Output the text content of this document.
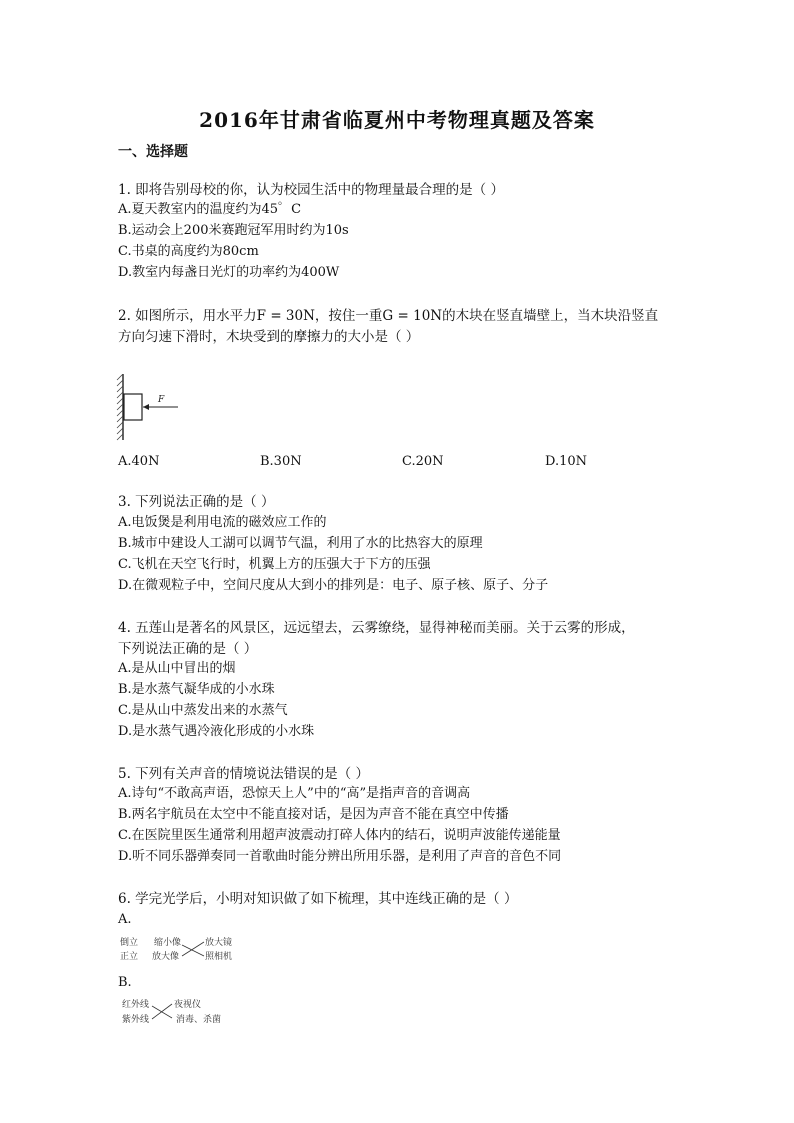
2016年甘肃省临夏州中考物理真题及答案
一、选择题
1. 即将告别母校的你，认为校园生活中的物理量最合理的是（ ）
A.夏天教室内的温度约为45゜C
B.运动会上200米赛跑冠军用时约为10s
C.书桌的高度约为80cm
D.教室内每盏日光灯的功率约为400W
2. 如图所示，用水平力F = 30N，按住一重G = 10N的木块在竖直墙壁上，当木块沿竖直
方向匀速下滑时，木块受到的摩擦力的大小是（ ）
F
A.40N	B.30N	C.20N	D.10N
3. 下列说法正确的是（ ）
A.电饭煲是利用电流的磁效应工作的
B.城市中建设人工湖可以调节气温，利用了水的比热容大的原理
C.飞机在天空飞行时，机翼上方的压强大于下方的压强
D.在微观粒子中，空间尺度从大到小的排列是：电子、原子核、原子、分子
4. 五莲山是著名的风景区，远远望去，云雾缭绕，显得神秘而美丽。关于云雾的形成，
下列说法正确的是（ ）
A.是从山中冒出的烟
B.是水蒸气凝华成的小水珠
C.是从山中蒸发出来的水蒸气
D.是水蒸气遇冷液化形成的小水珠
5. 下列有关声音的情境说法错误的是（ ）
A.诗句“不敢高声语，恐惊天上人”中的“高”是指声音的音调高
B.两名宇航员在太空中不能直接对话，是因为声音不能在真空中传播
C.在医院里医生通常利用超声波震动打碎人体内的结石，说明声波能传递能量
D.听不同乐器弹奏同一首歌曲时能分辨出所用乐器，是利用了声音的音色不同
6. 学完光学后，小明对知识做了如下梳理，其中连线正确的是（ ）
A.
倒立
正立
缩小像
放大像
放大镜
照相机
B.
红外线
紫外线
夜视仪
消毒、杀菌
